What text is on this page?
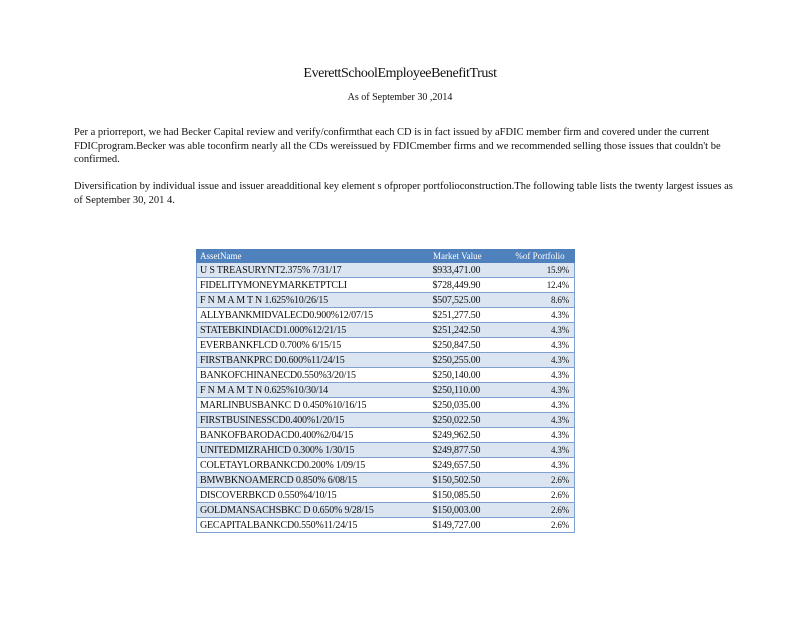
EverettSchoolEmployeeBenefitTrust
As of September 30 ,2014

Per a priorreport, we had Becker Capital review and verify/confirmthat each CD is in fact issued by aFDIC member firm and covered under the current FDICprogram.Becker was able toconfirm nearly all the CDs wereissued by FDICmember firms and we recommended selling those issues that couldn't be confirmed.

Diversification by individual issue and issuer areadditional key element s ofproper portfolioconstruction.The following table lists the twenty largest issues as of September 30, 201 4.

AssetName	Market Value	%of Portfolio
U S TREASURYNT2.375% 7/31/17	$933,471.00	15.9%
FIDELITYMONEYMARKETPTCLI	$728,449.90	12.4%
F N M A M T N 1.625%10/26/15	$507,525.00	8.6%
ALLYBANKMIDVALECD0.900%12/07/15	$251,277.50	4.3%
STATEBKINDIACD1.000%12/21/15	$251,242.50	4.3%
EVERBANKFLCD 0.700% 6/15/15	$250,847.50	4.3%
FIRSTBANKPRC D0.600%11/24/15	$250,255.00	4.3%
BANKOFCHINANECD0.550%3/20/15	$250,140.00	4.3%
F N M A M T N 0.625%10/30/14	$250,110.00	4.3%
MARLINBUSBANKC D 0.450%10/16/15	$250,035.00	4.3%
FIRSTBUSINESSCD0.400%1/20/15	$250,022.50	4.3%
BANKOFBARODACD0.400%2/04/15	$249,962.50	4.3%
UNITEDMIZRAHICD 0.300% 1/30/15	$249,877.50	4.3%
COLETAYLORBANKCD0.200% 1/09/15	$249,657.50	4.3%
BMWBKNOAMERCD 0.850% 6/08/15	$150,502.50	2.6%
DISCOVERBKCD 0.550%4/10/15	$150,085.50	2.6%
GOLDMANSACHSBKC D 0.650% 9/28/15	$150,003.00	2.6%
GECAPITALBANKCD0.550%11/24/15	$149,727.00	2.6%
